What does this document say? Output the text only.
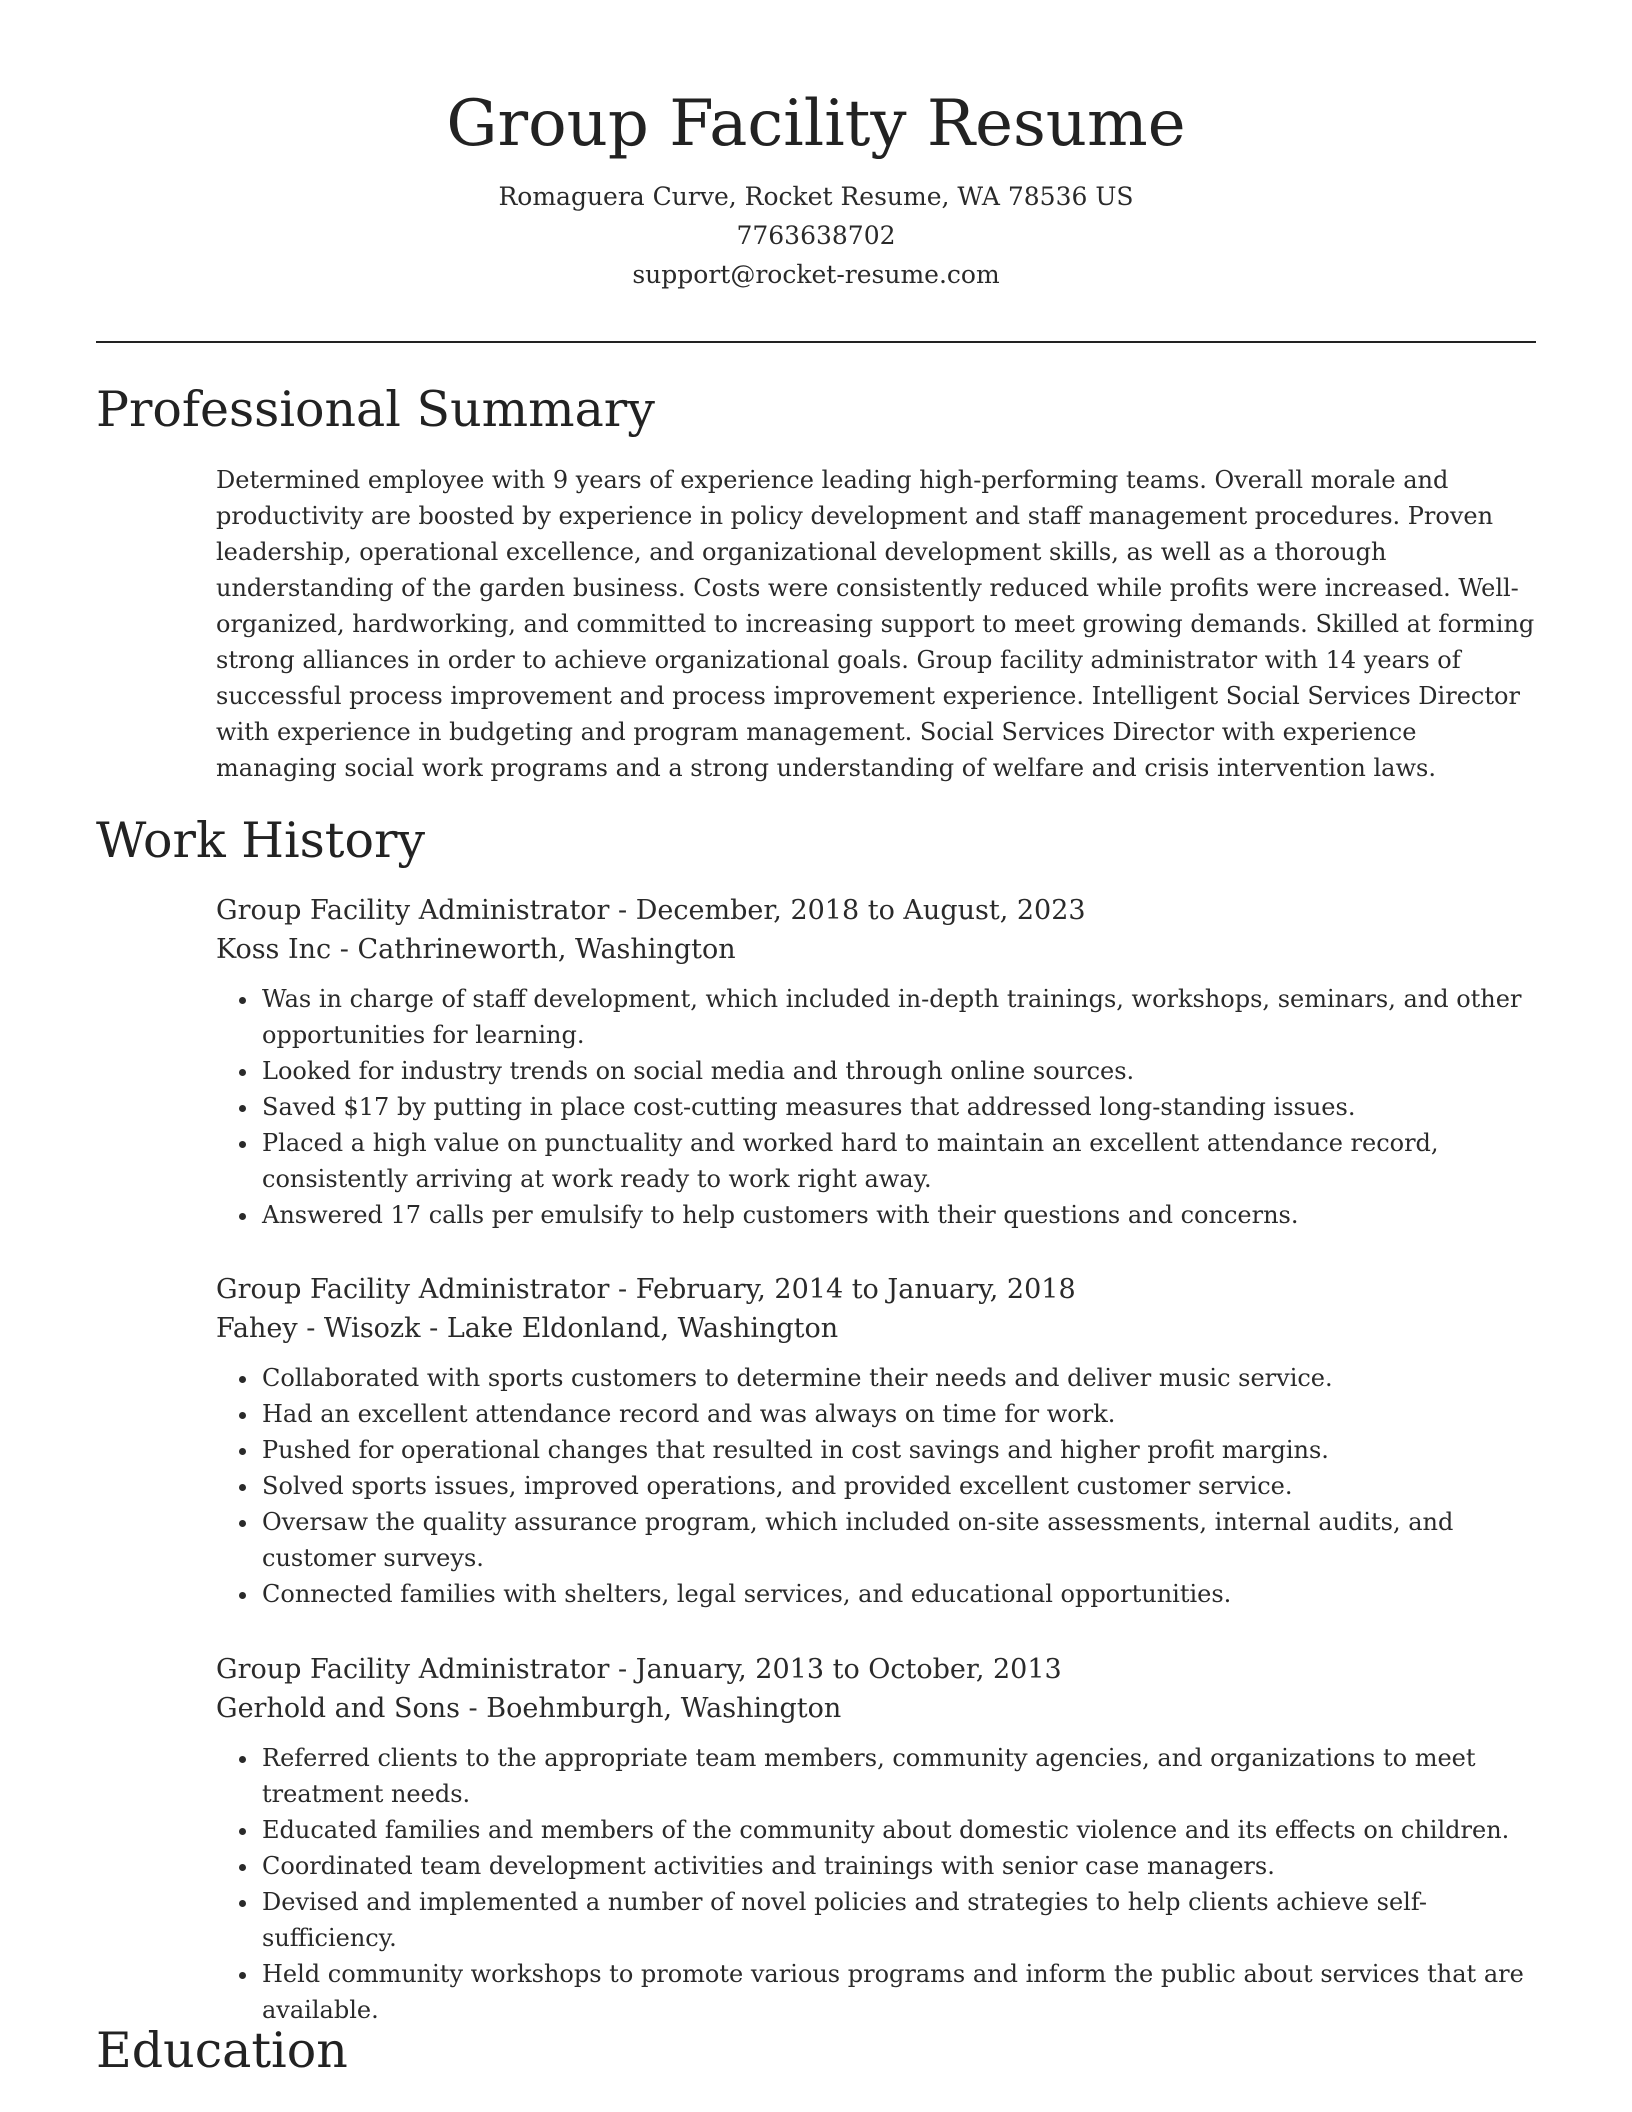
Group Facility Resume
Romaguera Curve, Rocket Resume, WA 78536 US
7763638702
support@rocket-resume.com
Professional Summary

Determined employee with 9 years of experience leading high-performing teams. Overall morale and productivity are boosted by experience in policy development and staff management procedures. Proven leadership, operational excellence, and organizational development skills, as well as a thorough understanding of the garden business. Costs were consistently reduced while profits were increased. Well-organized, hardworking, and committed to increasing support to meet growing demands. Skilled at forming strong alliances in order to achieve organizational goals. Group facility administrator with 14 years of successful process improvement and process improvement experience. Intelligent Social Services Director with experience in budgeting and program management. Social Services Director with experience managing social work programs and a strong understanding of welfare and crisis intervention laws.

Work History
Group Facility Administrator - December, 2018 to August, 2023
Koss Inc - Cathrineworth, Washington
• Was in charge of staff development, which included in-depth trainings, workshops, seminars, and other opportunities for learning.
• Looked for industry trends on social media and through online sources.
• Saved $17 by putting in place cost-cutting measures that addressed long-standing issues.
• Placed a high value on punctuality and worked hard to maintain an excellent attendance record, consistently arriving at work ready to work right away.
• Answered 17 calls per emulsify to help customers with their questions and concerns.
Group Facility Administrator - February, 2014 to January, 2018
Fahey - Wisozk - Lake Eldonland, Washington
• Collaborated with sports customers to determine their needs and deliver music service.
• Had an excellent attendance record and was always on time for work.
• Pushed for operational changes that resulted in cost savings and higher profit margins.
• Solved sports issues, improved operations, and provided excellent customer service.
• Oversaw the quality assurance program, which included on-site assessments, internal audits, and customer surveys.
• Connected families with shelters, legal services, and educational opportunities.
Group Facility Administrator - January, 2013 to October, 2013
Gerhold and Sons - Boehmburgh, Washington
• Referred clients to the appropriate team members, community agencies, and organizations to meet treatment needs.
• Educated families and members of the community about domestic violence and its effects on children.
• Coordinated team development activities and trainings with senior case managers.
• Devised and implemented a number of novel policies and strategies to help clients achieve self-sufficiency.
• Held community workshops to promote various programs and inform the public about services that are available.
Education
